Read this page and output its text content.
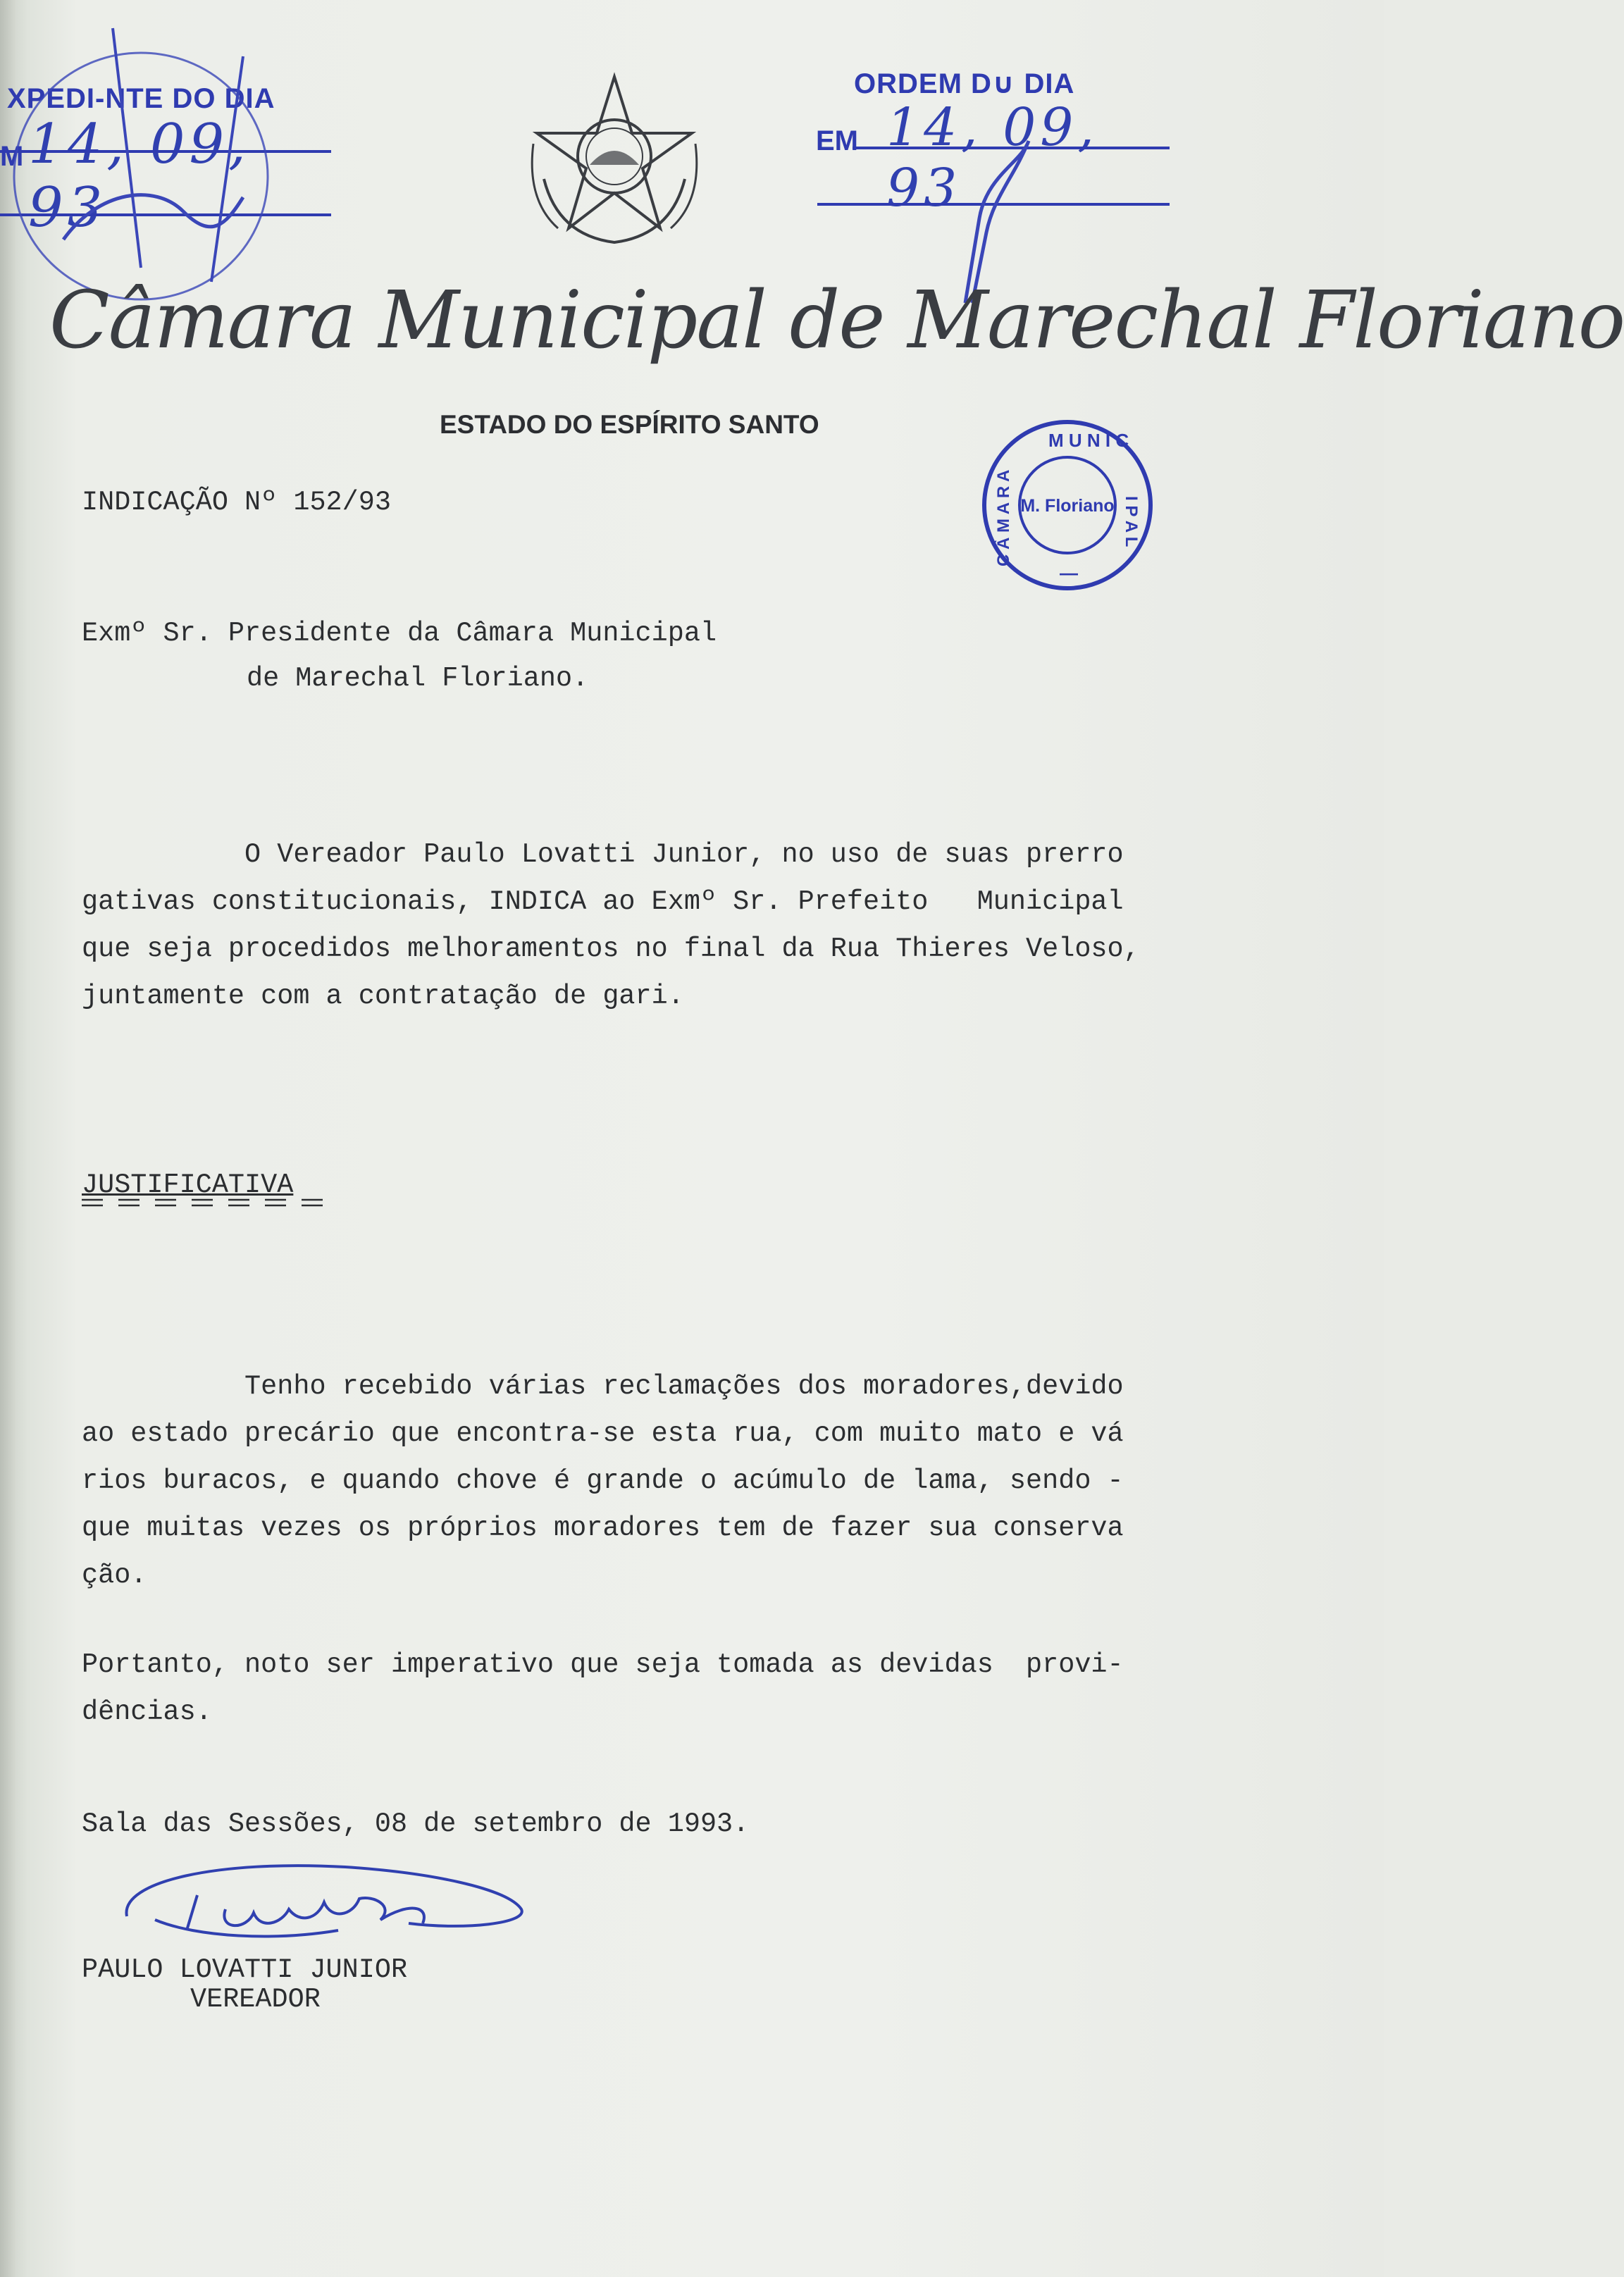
XPEDI-NTE DO DIA
M 14, 09, 93
ORDEM D∪ DIA
EM 14, 09, 93
Câmara Municipal de Marechal Floriano
ESTADO DO ESPÍRITO SANTO
INDICAÇÃO Nº 152/93
M U N I C
I P A L
C Â M A R A
—
M. Floriano
Exmº Sr. Presidente da Câmara Municipal
de Marechal Floriano.
O Vereador Paulo Lovatti Junior, no uso de suas prerro
gativas constitucionais, INDICA ao Exmº Sr. Prefeito   Municipal
que seja procedidos melhoramentos no final da Rua Thieres Veloso,
juntamente com a contratação de gari.
JUSTIFICATIVA
Tenho recebido várias reclamações dos moradores,devido
ao estado precário que encontra-se esta rua, com muito mato e vá
rios buracos, e quando chove é grande o acúmulo de lama, sendo -
que muitas vezes os próprios moradores tem de fazer sua conserva
ção.
Portanto, noto ser imperativo que seja tomada as devidas  provi-
dências.
Sala das Sessões, 08 de setembro de 1993.
PAULO LOVATTI JUNIOR
VEREADOR
